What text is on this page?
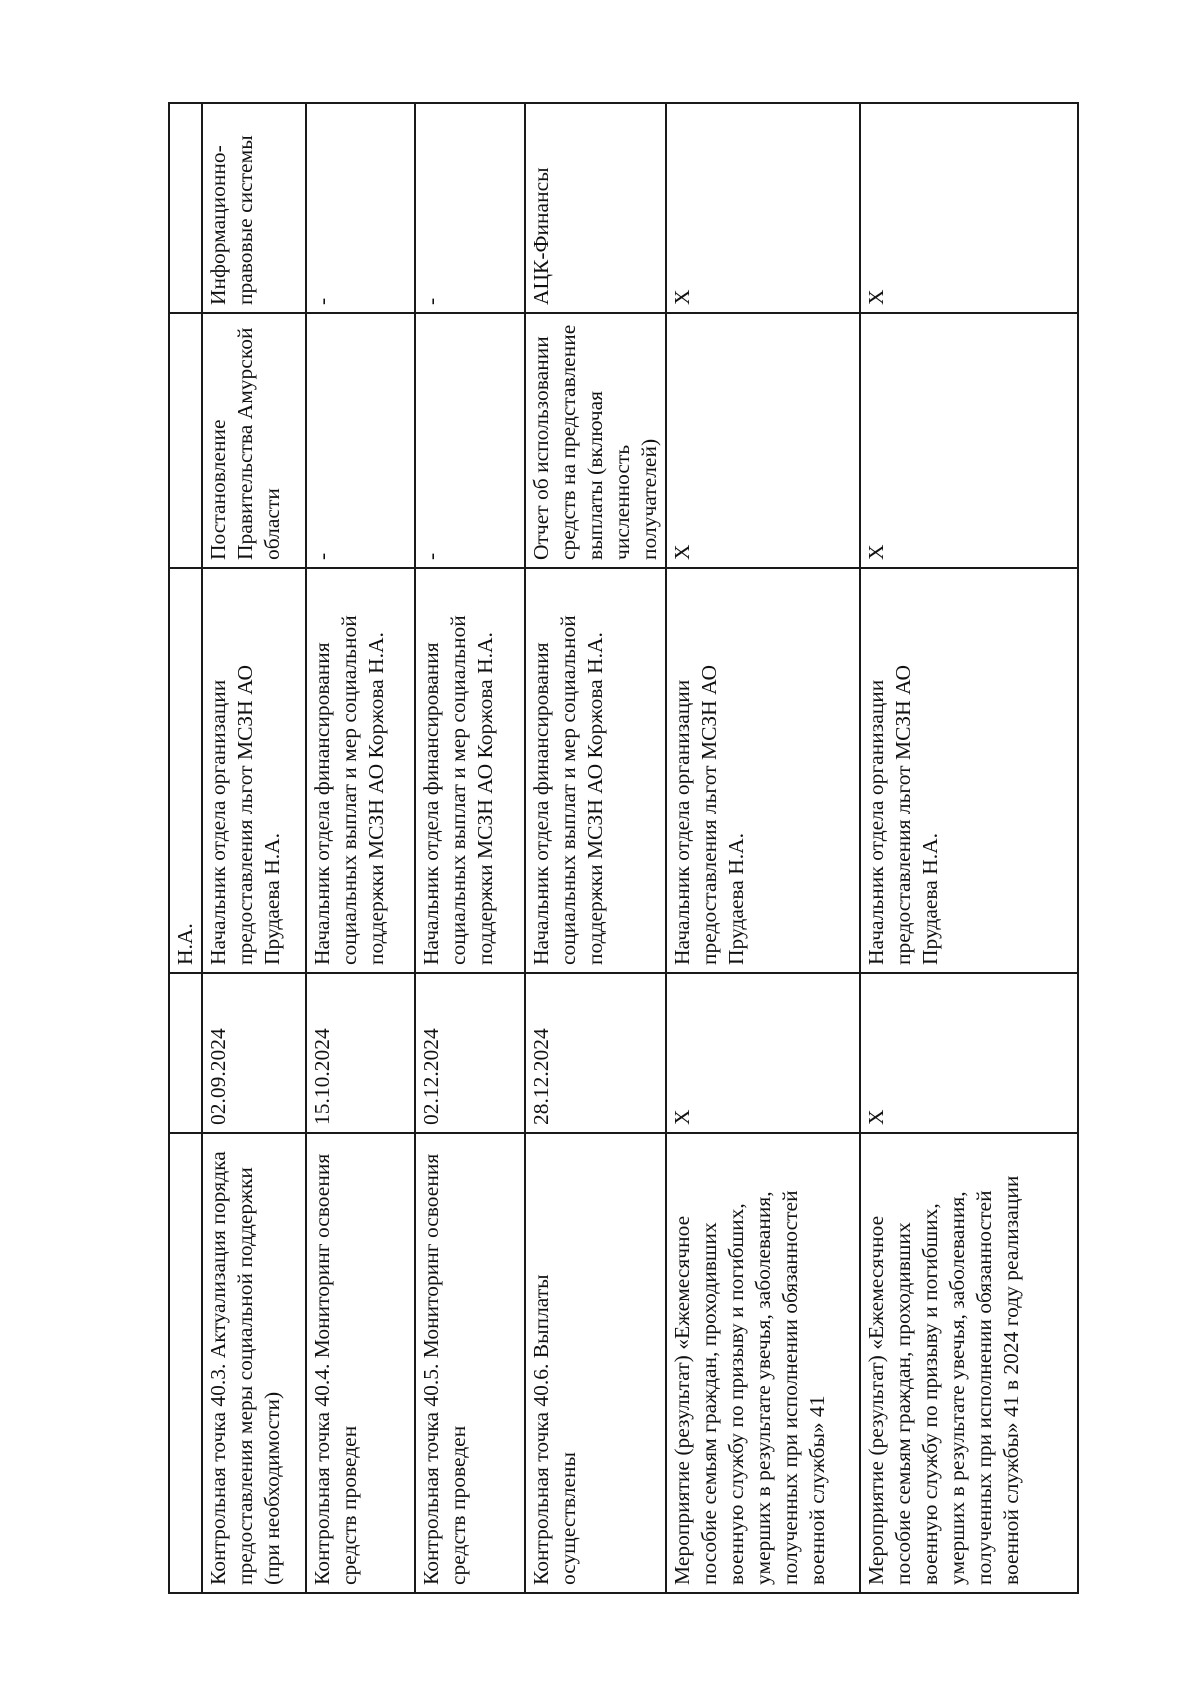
		Н.А.		
Контрольная точка 40.3. Актуализация порядка предоставления меры социальной поддержки (при необходимости)	02.09.2024	Начальник отдела организации предоставления льгот МСЗН АО Прудаева Н.А.	Постановление Правительства Амурской области	Информационно-правовые системы
Контрольная точка 40.4. Мониторинг освоения средств проведен	15.10.2024	Начальник отдела финансирования социальных выплат и мер социальной поддержки МСЗН АО Коржова Н.А.	-	-
Контрольная точка 40.5. Мониторинг освоения средств проведен	02.12.2024	Начальник отдела финансирования социальных выплат и мер социальной поддержки МСЗН АО Коржова Н.А.	-	-
Контрольная точка 40.6. Выплаты осуществлены	28.12.2024	Начальник отдела финансирования социальных выплат и мер социальной поддержки МСЗН АО Коржова Н.А.	Отчет об использовании средств на представление выплаты (включая численность получателей)	АЦК-Финансы
Мероприятие (результат) «Ежемесячное пособие семьям граждан, проходивших военную службу по призыву и погибших, умерших в результате увечья, заболевания, полученных при исполнении обязанностей военной службы» 41	X	Начальник отдела организации предоставления льгот МСЗН АО Прудаева Н.А.	X	X
Мероприятие (результат) «Ежемесячное пособие семьям граждан, проходивших военную службу по призыву и погибших, умерших в результате увечья, заболевания, полученных при исполнении обязанностей военной службы» 41 в 2024 году реализации	X	Начальник отдела организации предоставления льгот МСЗН АО Прудаева Н.А.	X	X
